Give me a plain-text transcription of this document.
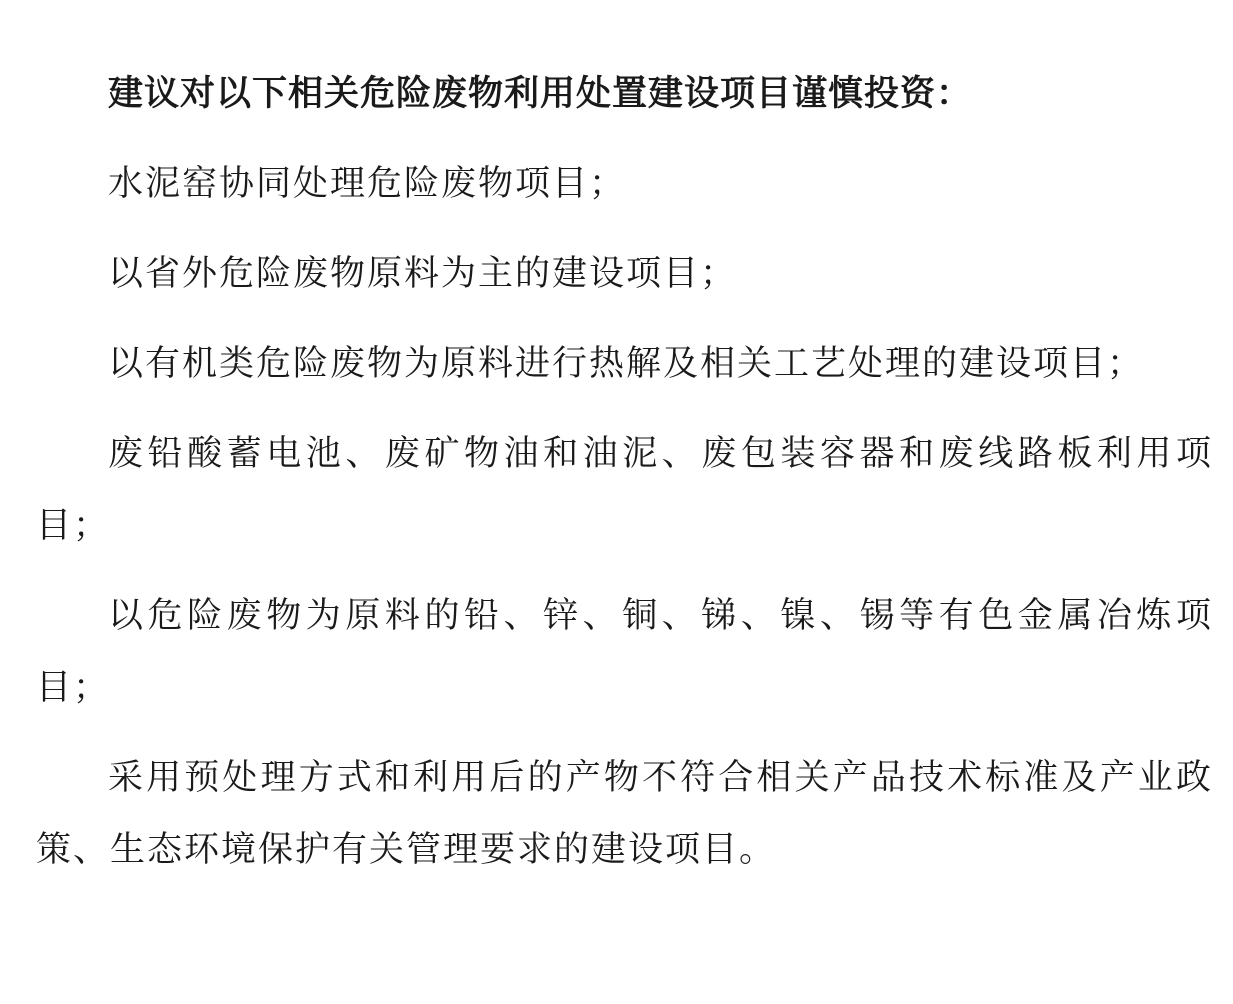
建议对以下相关危险废物利用处置建设项目谨慎投资：

水泥窑协同处理危险废物项目；

以省外危险废物原料为主的建设项目；

以有机类危险废物为原料进行热解及相关工艺处理的建设项目；

废铅酸蓄电池、废矿物油和油泥、废包装容器和废线路板利用项目；

以危险废物为原料的铅、锌、铜、锑、镍、锡等有色金属冶炼项目；

采用预处理方式和利用后的产物不符合相关产品技术标准及产业政策、生态环境保护有关管理要求的建设项目。
